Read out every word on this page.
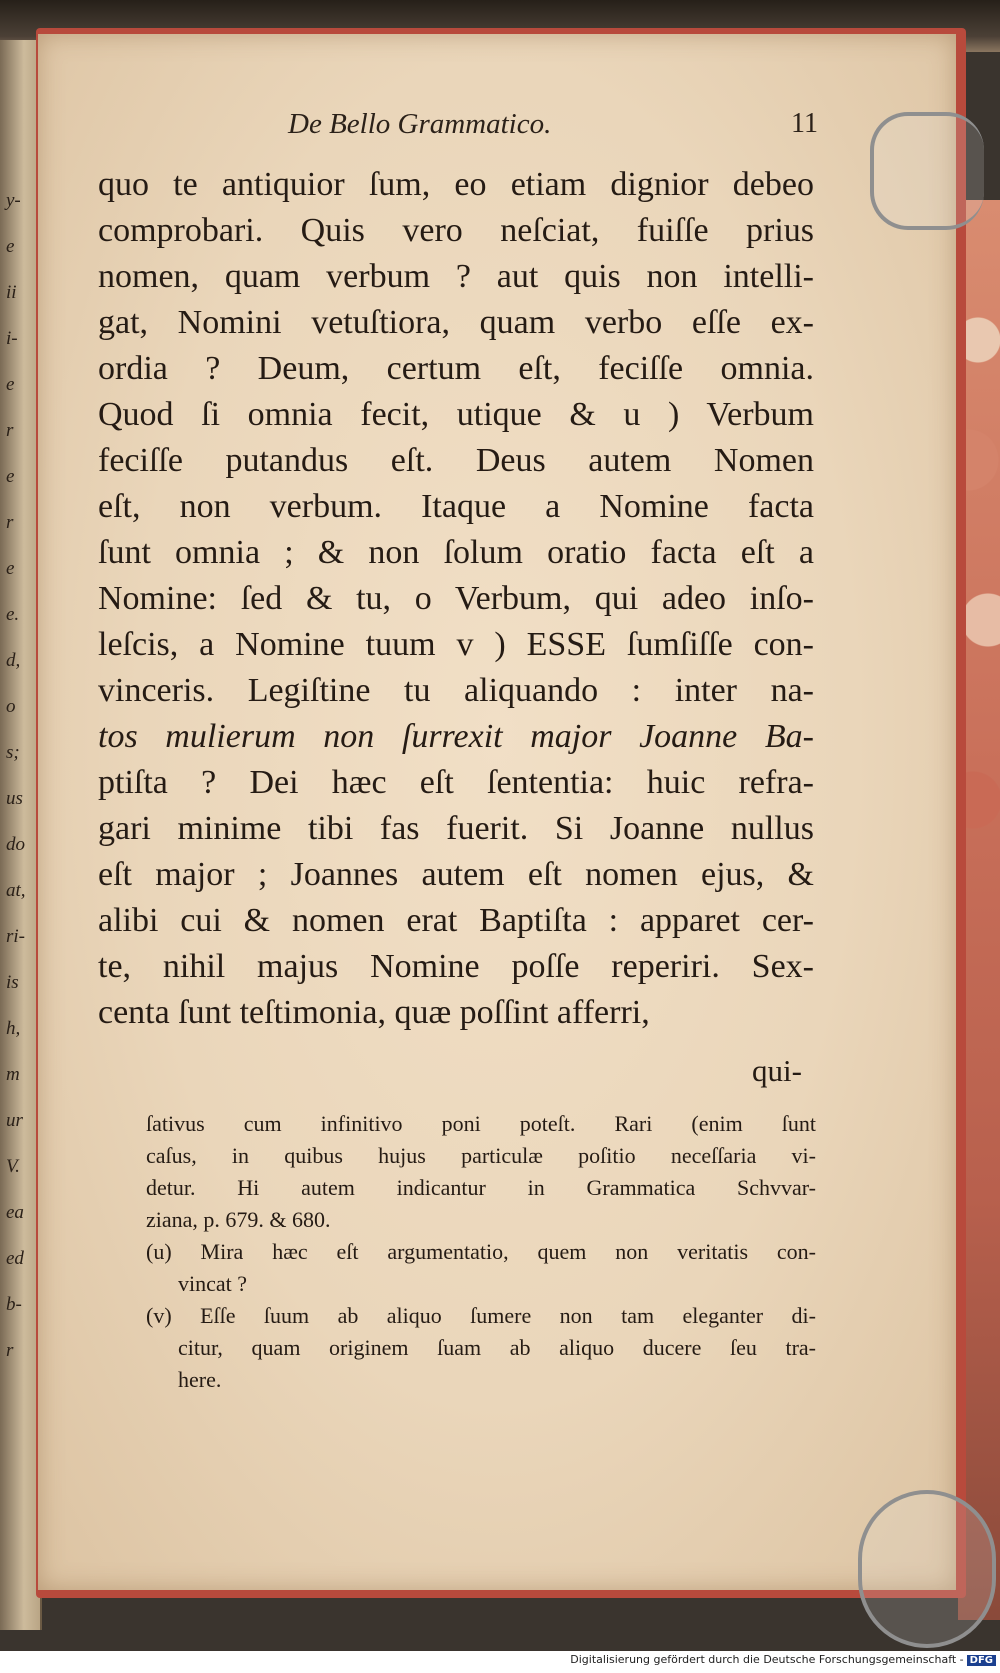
y-
e
ii
i-
e
r
e
r
e
e.
d,
o
s;
us
do
at,
ri-
is
h,
m
ur
V.
ea
ed
b-
r
De Bello Grammatico.	11
quo te antiquior ſum, eo etiam dignior debeo
comprobari. Quis vero neſciat, fuiſſe prius
nomen, quam verbum ? aut quis non intelli-
gat, Nomini vetuſtiora, quam verbo eſſe ex-
ordia ? Deum, certum eſt, feciſſe omnia.
Quod ſi omnia fecit, utique & u ) Verbum
feciſſe putandus eſt. Deus autem Nomen
eſt, non verbum. Itaque a Nomine facta
ſunt omnia ; & non ſolum oratio facta eſt a
Nomine: ſed & tu, o Verbum, qui adeo inſo-
leſcis, a Nomine tuum v ) ESSE ſumſiſſe con-
vinceris. Legiſtine tu aliquando : inter na-
tos mulierum non ſurrexit major Joanne Ba-
ptiſta ? Dei hæc eſt ſententia: huic refra-
gari minime tibi fas fuerit. Si Joanne nullus
eſt major ; Joannes autem eſt nomen ejus, &
alibi cui & nomen erat Baptiſta : apparet cer-
te, nihil majus Nomine poſſe reperiri. Sex-
centa ſunt teſtimonia, quæ poſſint afferri,
qui-
ſativus cum infinitivo poni poteſt. Rari (enim ſunt
caſus, in quibus hujus particulæ poſitio neceſſaria vi-
detur. Hi autem indicantur in Grammatica Schvvar-
ziana, p. 679. & 680.
(u) Mira hæc eſt argumentatio, quem non veritatis con-
vincat ?
(v) Eſſe ſuum ab aliquo ſumere non tam eleganter di-
citur, quam originem ſuam ab aliquo ducere ſeu tra-
here.
Digitalisierung gefördert durch die Deutsche Forschungsgemeinschaft - DFG
